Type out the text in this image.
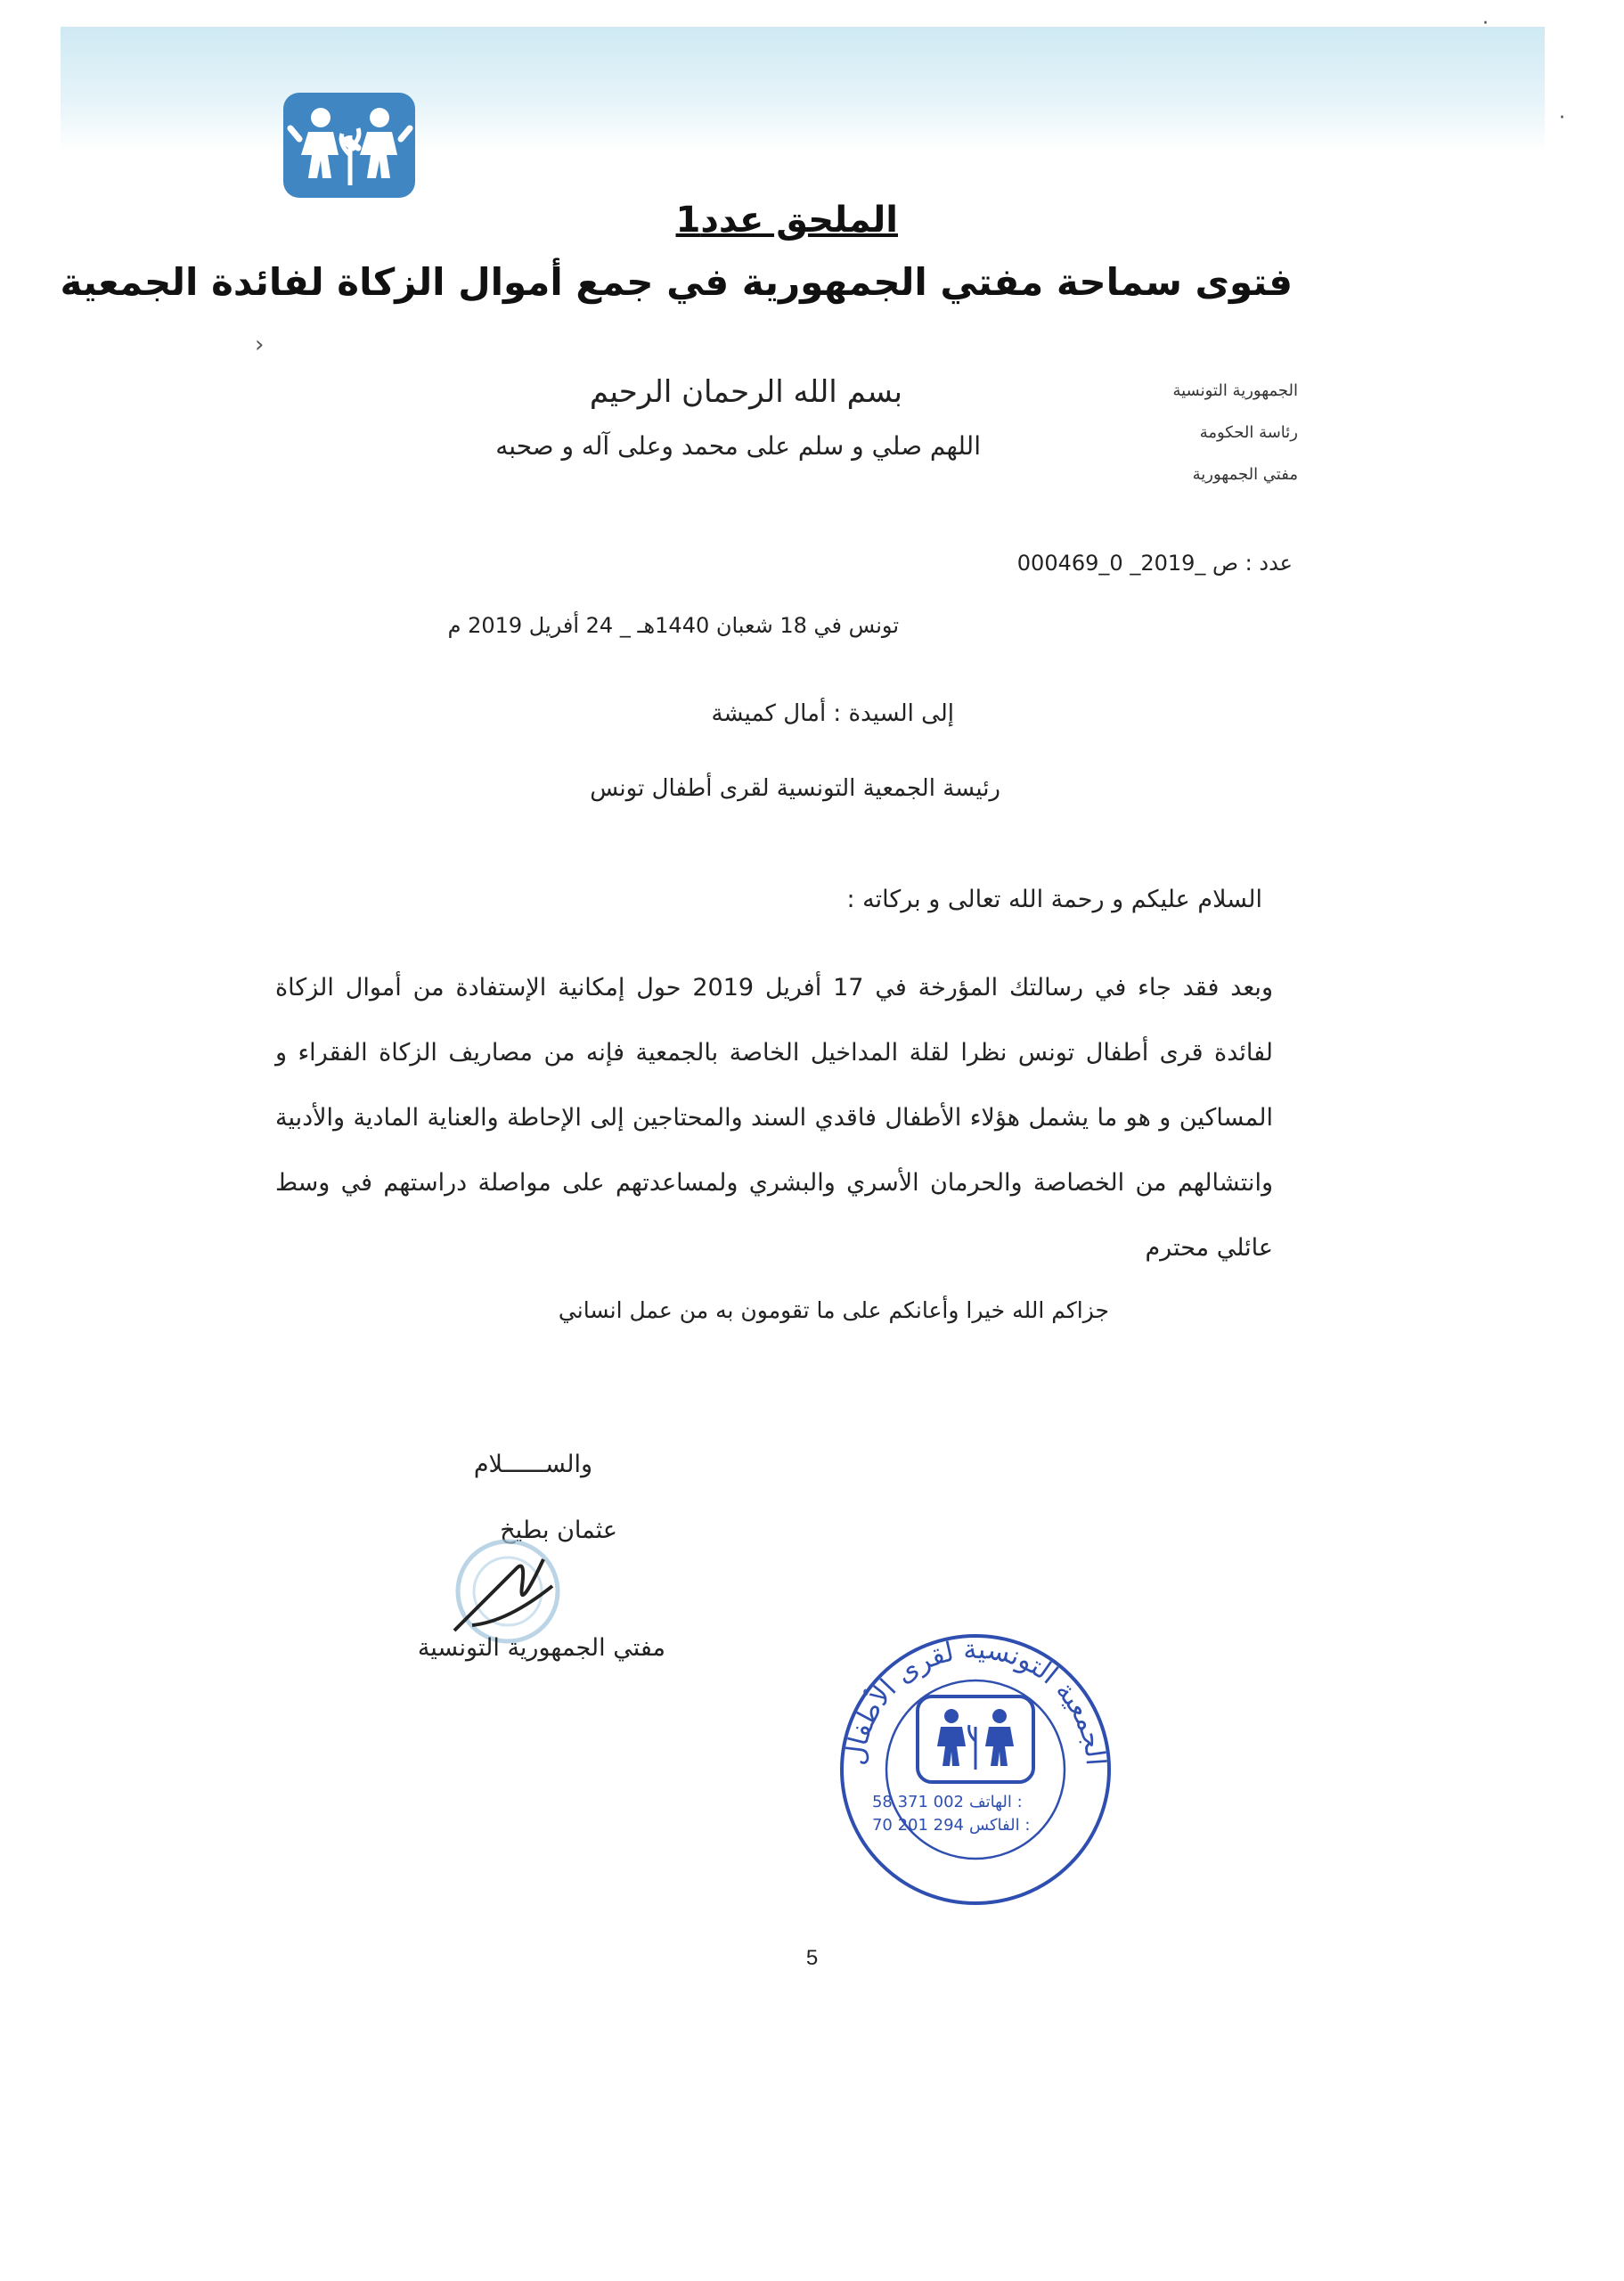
الملحق عدد1
فتوى سماحة مفتي الجمهورية في جمع أموال الزكاة لفائدة الجمعية
›
الجمهورية التونسية
رئاسة الحكومة
مفتي الجمهورية
بسم الله الرحمان الرحيم
اللهم صلي و سلم على محمد وعلى آله و صحبه
عدد : ص _2019_ 0_000469
تونس في 18 شعبان 1440هـ _ 24 أفريل 2019 م
إلى السيدة : أمال كميشة
رئيسة الجمعية التونسية لقرى أطفال تونس
السلام عليكم و رحمة الله تعالى و بركاته :
وبعد فقد جاء في رسالتك المؤرخة في 17 أفريل 2019 حول إمكانية الإستفادة من أموال الزكاة لفائدة قرى أطفال تونس نظرا لقلة المداخيل الخاصة بالجمعية فإنه من مصاريف الزكاة الفقراء و المساكين و هو ما يشمل هؤلاء الأطفال فاقدي السند والمحتاجين إلى الإحاطة والعناية المادية والأدبية وانتشالهم من الخصاصة والحرمان الأسري والبشري ولمساعدتهم على مواصلة دراستهم في وسط عائلي محترم
جزاكم الله خيرا وأعانكم على ما تقومون به من عمل انساني
والســــــلام
عثمان بطيخ
مفتي الجمهورية التونسية
الجمعية التونسية لقرى الأطفال
58 371 002 الهاتف :
70 201 294 الفاكس :
5
·
·
